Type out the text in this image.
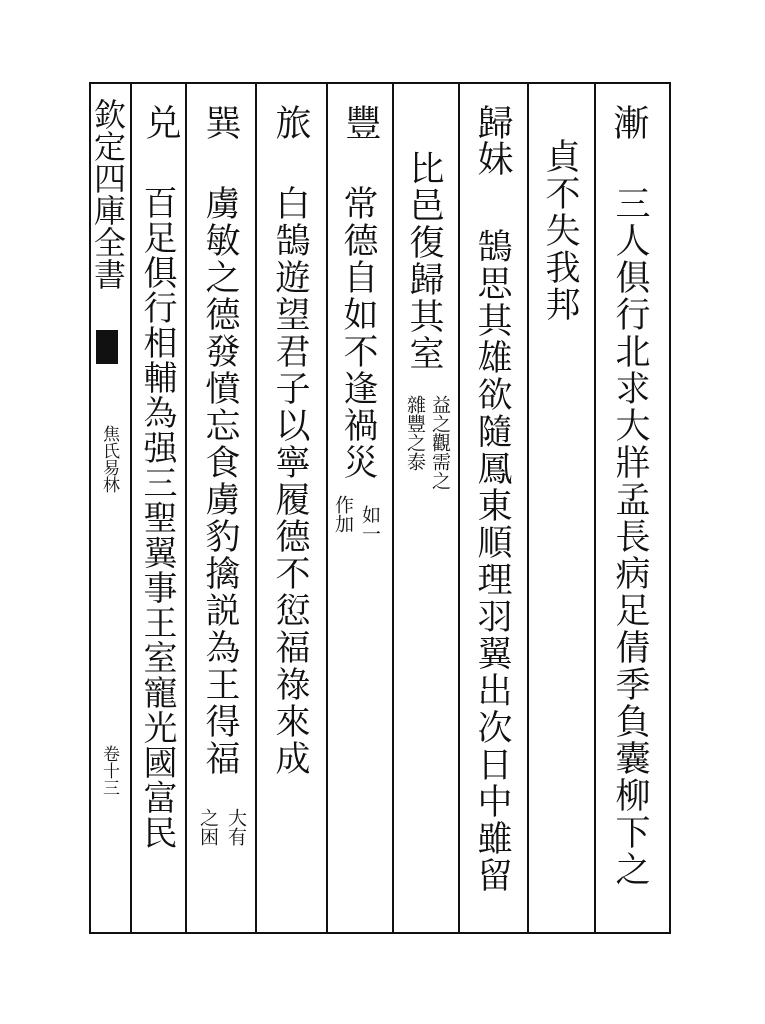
欽定四庫全書
焦氏易林
卷十三
漸
三人俱行北求大牂孟長病足倩季負囊柳下之
貞不失我邦
歸妹
鵠思其雄欲隨鳳東順理羽翼出次日中雖留
比邑復歸其室
益之觀需之
雜豐之泰
豐
常德自如不逢禍災
如一
作加
旅
白鵠遊望君子以寧履德不愆福祿來成
巽
虜敏之德發憤忘食虜豹擒説為王得福
大有
之困
兑
百足俱行相輔為强三聖翼事王室寵光國富民
